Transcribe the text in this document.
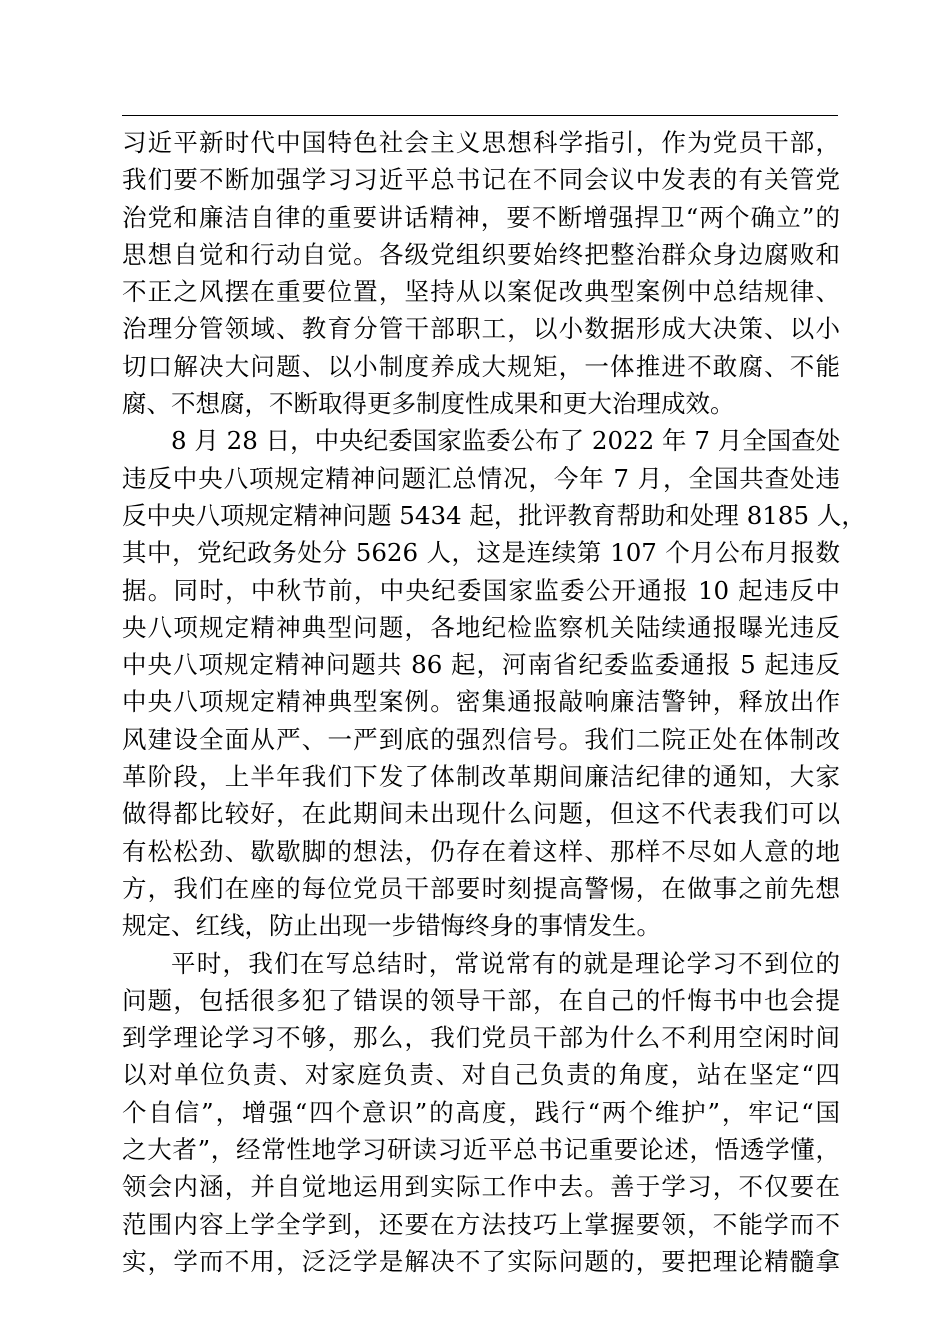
习近平新时代中国特色社会主义思想科学指引，作为党员干部，
我们要不断加强学习习近平总书记在不同会议中发表的有关管党
治党和廉洁自律的重要讲话精神，要不断增强捍卫“两个确立”的
思想自觉和行动自觉。各级党组织要始终把整治群众身边腐败和
不正之风摆在重要位置，坚持从以案促改典型案例中总结规律、
治理分管领域、教育分管干部职工，以小数据形成大决策、以小
切口解决大问题、以小制度养成大规矩，一体推进不敢腐、不能
腐、不想腐，不断取得更多制度性成果和更大治理成效。
8 月 28 日，中央纪委国家监委公布了 2022 年 7 月全国查处
违反中央八项规定精神问题汇总情况，今年 7 月，全国共查处违
反中央八项规定精神问题 5434 起，批评教育帮助和处理 8185 人，
其中，党纪政务处分 5626 人，这是连续第 107 个月公布月报数
据。同时，中秋节前，中央纪委国家监委公开通报 10 起违反中
央八项规定精神典型问题，各地纪检监察机关陆续通报曝光违反
中央八项规定精神问题共 86 起，河南省纪委监委通报 5 起违反
中央八项规定精神典型案例。密集通报敲响廉洁警钟，释放出作
风建设全面从严、一严到底的强烈信号。我们二院正处在体制改
革阶段，上半年我们下发了体制改革期间廉洁纪律的通知，大家
做得都比较好，在此期间未出现什么问题，但这不代表我们可以
有松松劲、歇歇脚的想法，仍存在着这样、那样不尽如人意的地
方，我们在座的每位党员干部要时刻提高警惕，在做事之前先想
规定、红线，防止出现一步错悔终身的事情发生。
平时，我们在写总结时，常说常有的就是理论学习不到位的
问题，包括很多犯了错误的领导干部，在自己的忏悔书中也会提
到学理论学习不够，那么，我们党员干部为什么不利用空闲时间
以对单位负责、对家庭负责、对自己负责的角度，站在坚定“四
个自信”，增强“四个意识”的高度，践行“两个维护”，牢记“国
之大者”，经常性地学习研读习近平总书记重要论述，悟透学懂，
领会内涵，并自觉地运用到实际工作中去。善于学习，不仅要在
范围内容上学全学到，还要在方法技巧上掌握要领，不能学而不
实，学而不用，泛泛学是解决不了实际问题的，要把理论精髓拿
